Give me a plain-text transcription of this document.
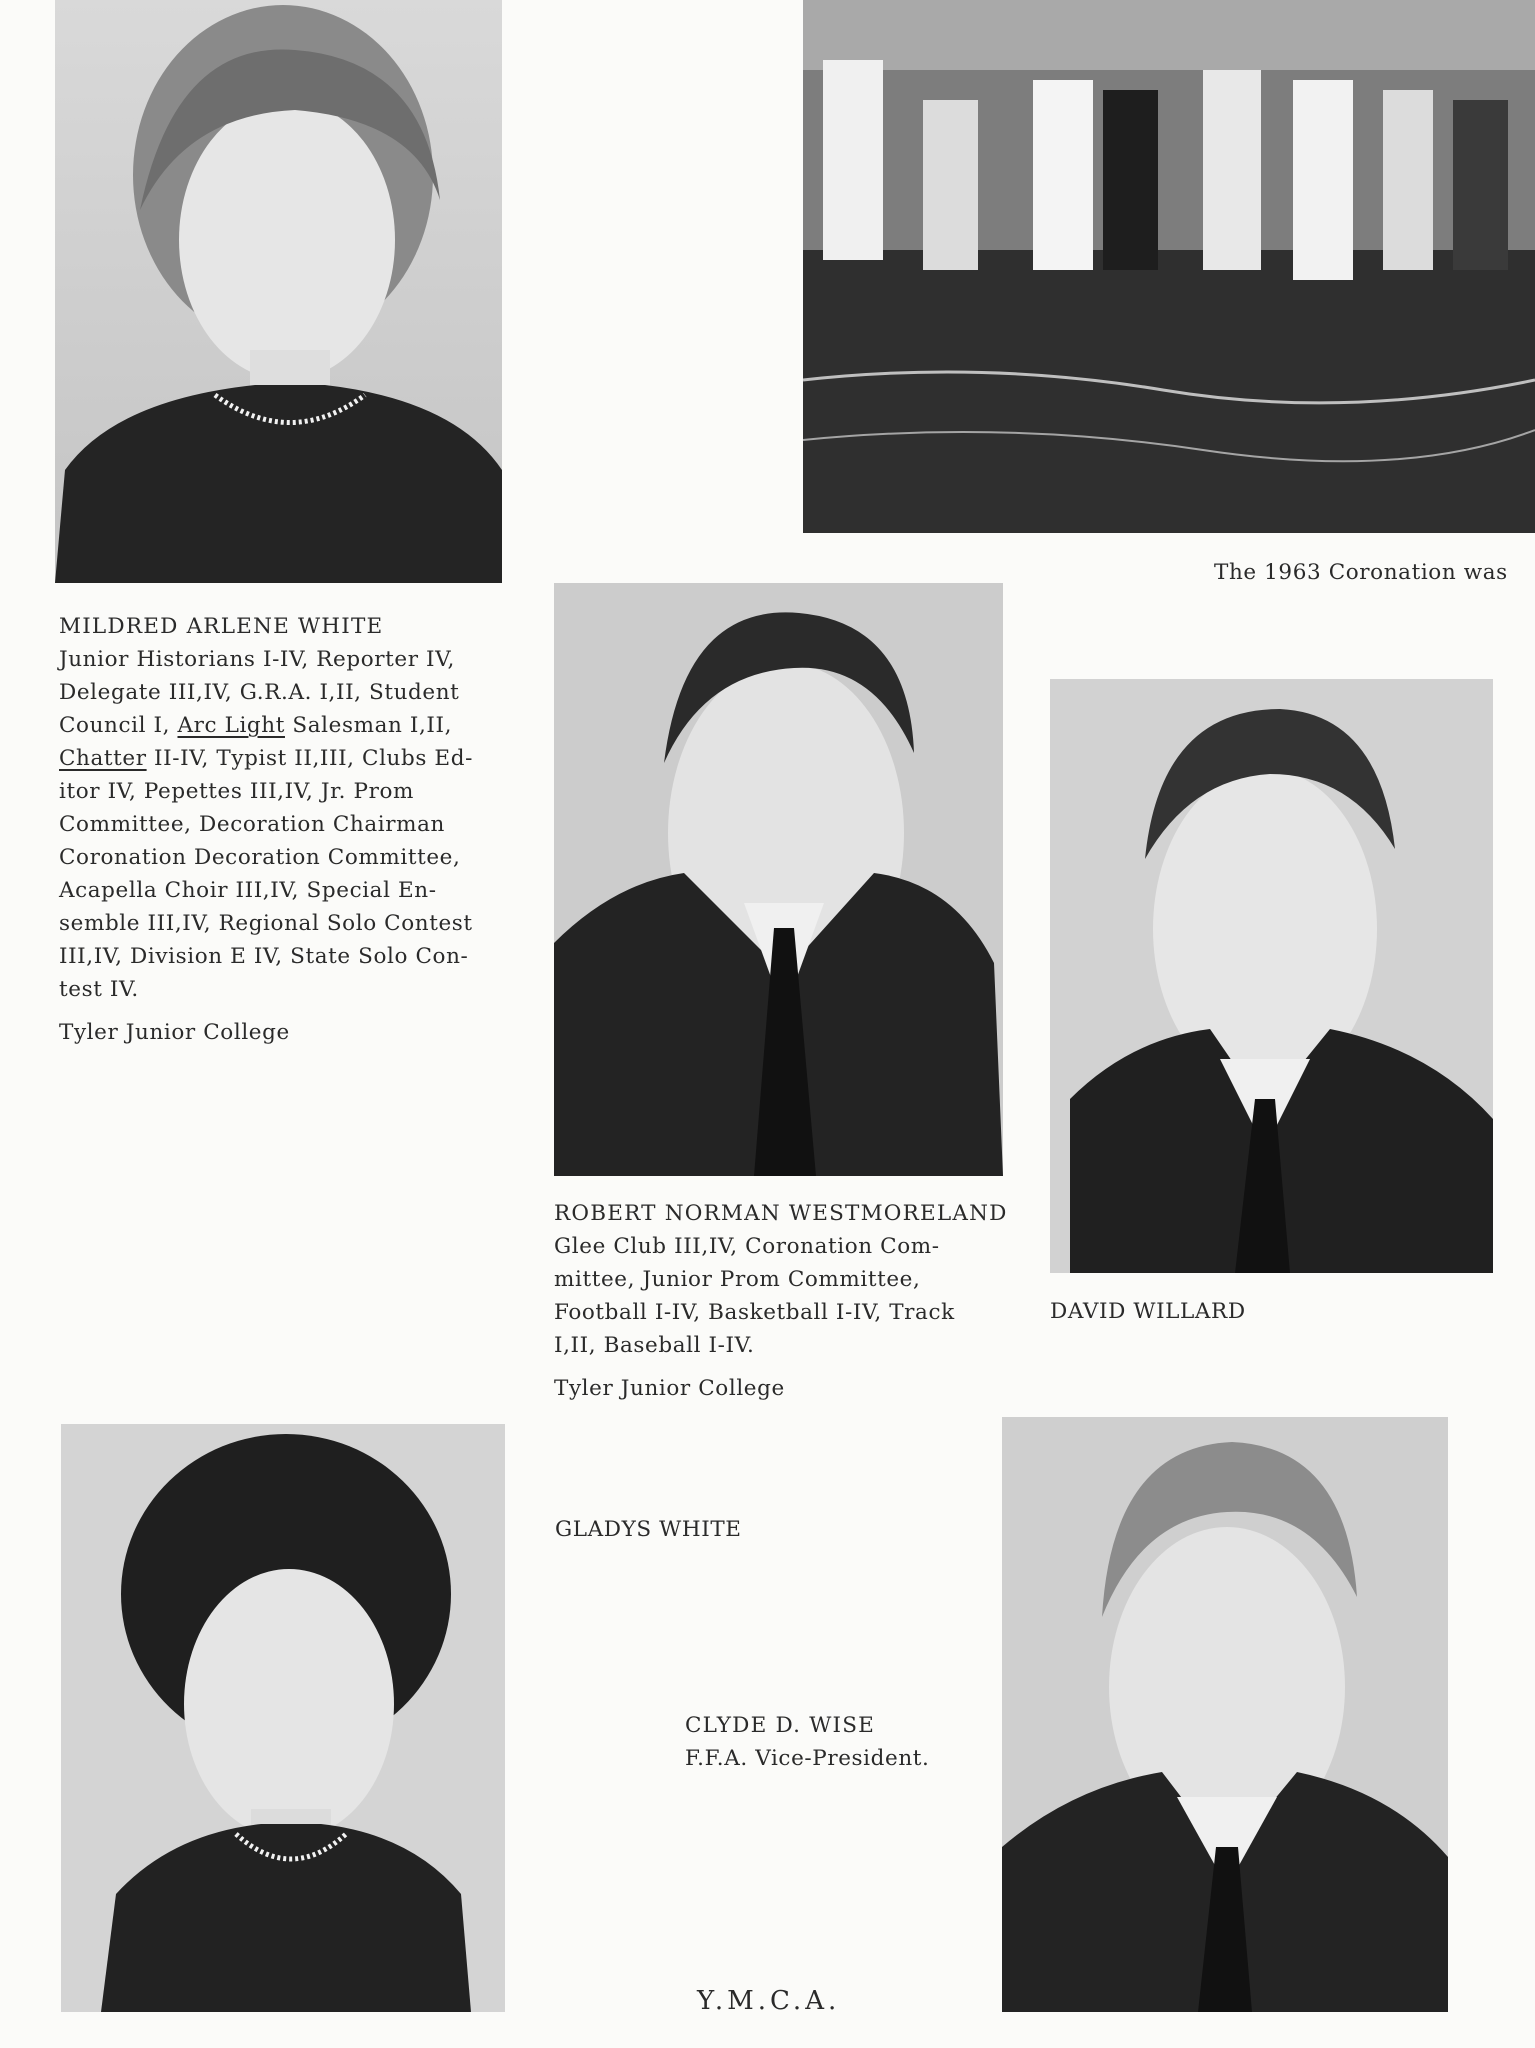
The 1963 Coronation was
MILDRED ARLENE WHITE
Junior Historians I-IV, Reporter IV,
Delegate III,IV, G.R.A. I,II, Student
Council I, Arc Light Salesman I,II,
Chatter II-IV, Typist II,III, Clubs Ed-
itor IV, Pepettes III,IV, Jr. Prom
Committee, Decoration Chairman
Coronation Decoration Committee,
Acapella Choir III,IV, Special En-
semble III,IV, Regional Solo Contest
III,IV, Division E IV, State Solo Con-
test IV.
Tyler Junior College
ROBERT NORMAN WESTMORELAND
Glee Club III,IV, Coronation Com-
mittee, Junior Prom Committee,
Football I-IV, Basketball I-IV, Track
I,II, Baseball I-IV.
Tyler Junior College
DAVID WILLARD
GLADYS WHITE
CLYDE D. WISE
F.F.A. Vice-President.
Y.M.C.A.
